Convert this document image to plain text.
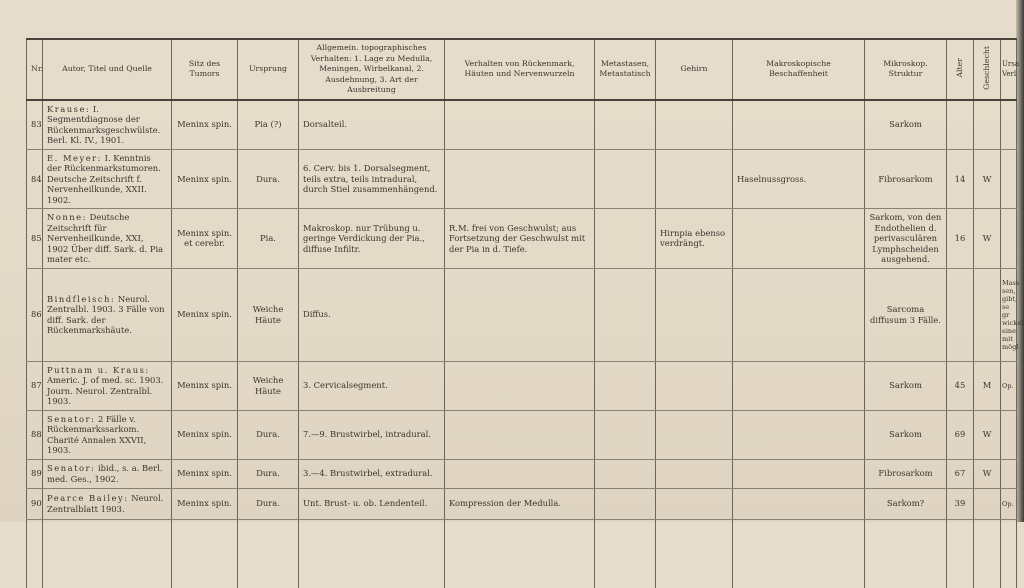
Nr.	Autor, Titel und Quelle	Sitz des Tumors	Ursprung	Allgemein. topographisches Verhalten: 1. Lage zu Medulla, Meningen, Wirbelkanal, 2. Ausdehnung, 3. Art der Ausbreitung	Verhalten von Rückenmark, Häuten und Nervenwurzeln	Metastasen, Metastatisch	Gehirn	Makroskopische Beschaffenheit	Mikroskop. Struktur	Alter	Geschlecht	Ursa Verl
83	Krause: I. Segmentdiagnose der Rückenmarksgeschwülste. Berl. Kl. IV., 1901.	Meninx spin.	Pia (?)	Dorsalteil.					Sarkom			
84	E. Meyer: I. Kenntnis der Rückenmarkstumoren. Deutsche Zeitschrift f. Nervenheilkunde, XXII. 1902.	Meninx spin.	Dura.	6. Cerv. bis 1. Dorsalsegment, teils extra, teils intradural, durch Stiel zusammenhängend.				Haselnussgross.	Fibrosarkom	14	W	
85	Nonne: Deutsche Zeitschrift für Nervenheilkunde, XXI, 1902 Über diff. Sark. d. Pia mater etc.	Meninx spin. et cerebr.	Pia.	Makroskop. nur Trübung u. geringe Verdickung der Pia., diffuse Infiltr.	R.M. frei von Geschwulst; aus Fortsetzung der Geschwulst mit der Pia in d. Tiefe.		Hirnpia ebenso verdrängt.		Sarkom, von den Endothelien d. perivasculären Lymphscheiden ausgehend.	16	W	
86	Bindfleisch: Neurol. Zentralbl. 1903. 3 Fälle von diff. Sark. der Rückenmarkshäute.	Meninx spin.	Weiche Häute	Diffus.					Sarcoma diffusum 3 Fälle.			Mass sen, gibt, se gr wickel eine mit mögl
87	Puttnam u. Kraus: Americ. J. of med. sc. 1903. Journ. Neurol. Zentralbl. 1903.	Meninx spin.	Weiche Häute	3. Cervicalsegment.					Sarkom	45	M	Op.
88	Senator: 2 Fälle v. Rückenmarkssarkom. Charité Annalen XXVII, 1903.	Meninx spin.	Dura.	7.—9. Brustwirbel, intradural.					Sarkom	69	W	
89	Senator: ibid., s. a. Berl. med. Ges., 1902.	Meninx spin.	Dura.	3.—4. Brustwirbel, extradural.					Fibrosarkom	67	W	
90	Pearce Bailey: Neurol. Zentralblatt 1903.	Meninx spin.	Dura.	Unt. Brust- u. ob. Lendenteil.	Kompression der Medulla.				Sarkom?	39		Op.
